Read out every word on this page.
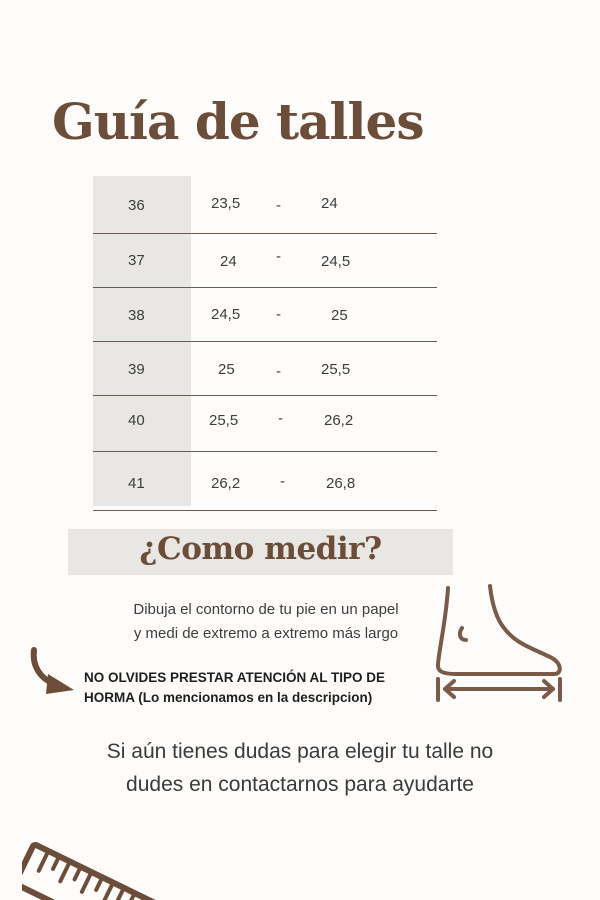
Guía de talles
36	23,5 -	24
37	24	-	24,5
38	24,5 -	25
39	25	-	25,5
40	25,5	-	26,2
41	26,2	-	26,8
¿Como medir?
Dibuja el contorno de tu pie en un papel
y medi de extremo a extremo más largo
NO OLVIDES PRESTAR ATENCIÓN AL TIPO DE
HORMA (Lo mencionamos en la descripcion)
Si aún tienes dudas para elegir tu talle no
dudes en contactarnos para ayudarte
